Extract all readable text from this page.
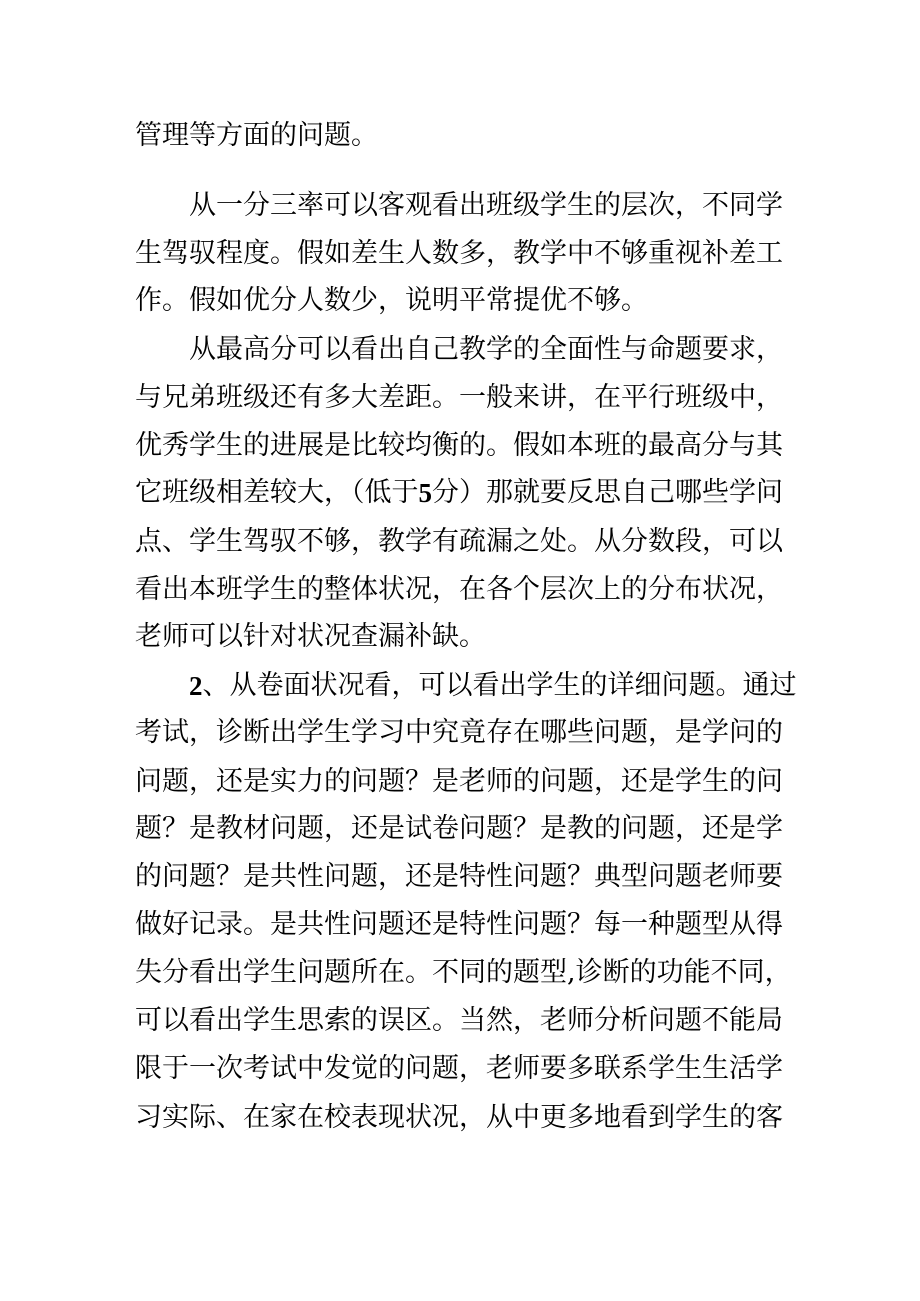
管理等方面的问题。
从 一 分 三 率 可 以 客 观 看 出 班 级 学 生 的 层 次 ， 不 同 学
生 驾 驭 程 度 。 假 如 差 生 人 数 多 ， 教 学 中 不 够 重 视 补 差 工
作。假如优分人数少，说明平常提优不够。
从 最 高 分 可 以 看 出 自 己 教 学 的 全 面 性 与 命 题 要 求 ，
与 兄 弟 班 级 还 有 多 大 差 距 。 一 般 来 讲 ， 在 平 行 班 级 中 ，
优 秀 学 生 的 进 展 是 比 较 均 衡 的 。 假 如 本 班 的 最 高 分 与 其
它班级相差较大，（低于 5 分）那就要反思自己哪些学问
点 、 学 生 驾 驭 不 够 ， 教 学 有 疏 漏 之 处 。 从 分 数 段 ， 可 以
看 出 本 班 学 生 的 整 体 状 况 ， 在 各 个 层 次 上 的 分 布 状 况 ，
老师可以针对状况查漏补缺。
2 、从卷面状况看，可以看出学生的详细问题。通过
考 试 ， 诊 断 出 学 生 学 习 中 究 竟 存 在 哪 些 问 题 ， 是 学 问 的
问 题 ， 还 是 实 力 的 问 题 ？ 是 老 师 的 问 题 ， 还 是 学 生 的 问
题 ？ 是 教 材 问 题 ， 还 是 试 卷 问 题 ？ 是 教 的 问 题 ， 还 是 学
的 问 题 ？ 是 共 性 问 题 ， 还 是 特 性 问 题 ？ 典 型 问 题 老 师 要
做 好 记 录 。 是 共 性 问 题 还 是 特 性 问 题 ？ 每 一 种 题 型 从 得
失分看出学生问题所在。不同的题型 , 诊断的功能不同，
可 以 看 出 学 生 思 索 的 误 区 。 当 然 ， 老 师 分 析 问 题 不 能 局
限 于 一 次 考 试 中 发 觉 的 问 题 ， 老 师 要 多 联 系 学 生 生 活 学
习 实 际 、 在 家 在 校 表 现 状 况 ， 从 中 更 多 地 看 到 学 生 的 客
